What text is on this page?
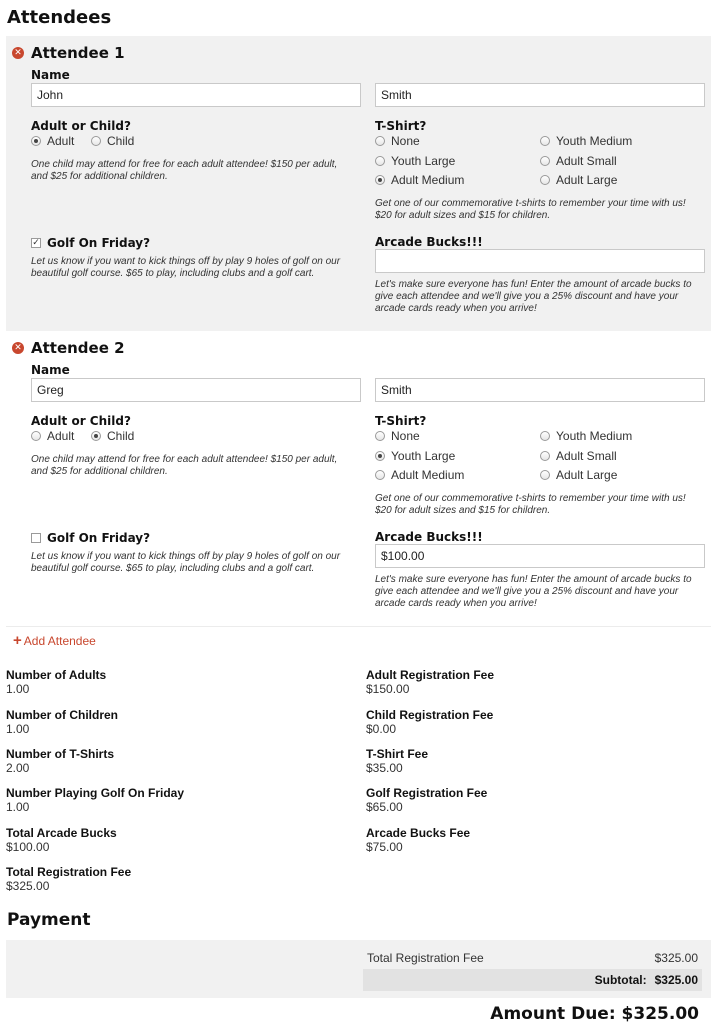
Attendees
✕ Attendee 1
Name
John	Smith
Adult or Child?
Adult	Child
One child may attend for free for each adult attendee! $150 per adult, and $25 for additional children.
T-Shirt?
None
Youth Large
Adult Medium
Youth Medium
Adult Small
Adult Large
Get one of our commemorative t-shirts to remember your time with us! $20 for adult sizes and $15 for children.
✓ Golf On Friday?
Let us know if you want to kick things off by play 9 holes of golf on our beautiful golf course. $65 to play, including clubs and a golf cart.
Arcade Bucks!!!
Let's make sure everyone has fun! Enter the amount of arcade bucks to give each attendee and we'll give you a 25% discount and have your arcade cards ready when you arrive!
✕ Attendee 2
Name
Greg	Smith
Adult or Child?
Adult	Child
One child may attend for free for each adult attendee! $150 per adult, and $25 for additional children.
T-Shirt?
None
Youth Large
Adult Medium
Youth Medium
Adult Small
Adult Large
Get one of our commemorative t-shirts to remember your time with us! $20 for adult sizes and $15 for children.
Golf On Friday?
Let us know if you want to kick things off by play 9 holes of golf on our beautiful golf course. $65 to play, including clubs and a golf cart.
Arcade Bucks!!!
$100.00
Let's make sure everyone has fun! Enter the amount of arcade bucks to give each attendee and we'll give you a 25% discount and have your arcade cards ready when you arrive!
+ Add Attendee
Number of Adults
1.00
Number of Children
1.00
Number of T-Shirts
2.00
Number Playing Golf On Friday
1.00
Total Arcade Bucks
$100.00
Total Registration Fee
$325.00
Adult Registration Fee
$150.00
Child Registration Fee
$0.00
T-Shirt Fee
$35.00
Golf Registration Fee
$65.00
Arcade Bucks Fee
$75.00
Payment
Total Registration Fee	$325.00
Subtotal: $325.00
Amount Due: $325.00
